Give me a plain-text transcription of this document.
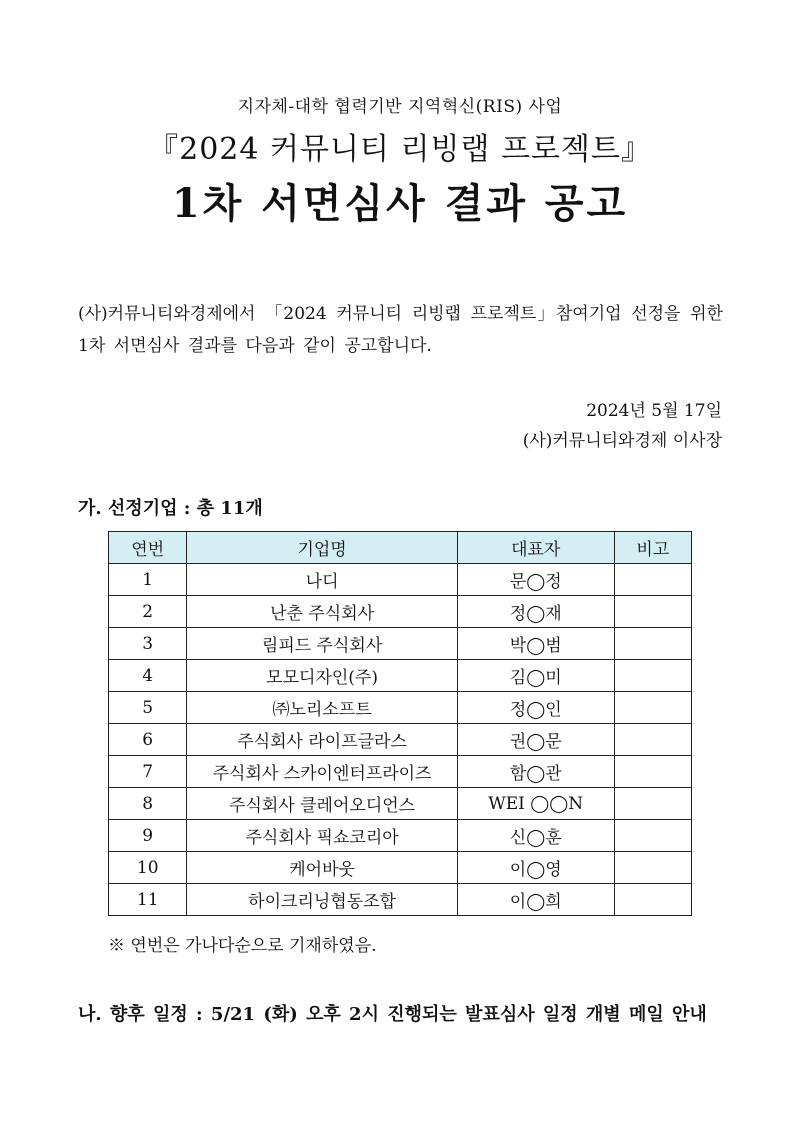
지자체-대학 협력기반 지역혁신(RIS) 사업
『2024 커뮤니티 리빙랩 프로젝트』
1차 서면심사 결과 공고
(사)커뮤니티와경제에서 「2024 커뮤니티 리빙랩 프로젝트」참여기업 선정을 위한 1차 서면심사 결과를 다음과 같이 공고합니다.
2024년 5월 17일
(사)커뮤니티와경제 이사장
가. 선정기업 : 총 11개
연번	기업명	대표자	비고
1	나디	문◯정	
2	난춘 주식회사	정◯재	
3	림피드 주식회사	박◯범	
4	모모디자인(주)	김◯미	
5	㈜노리소프트	정◯인	
6	주식회사 라이프글라스	권◯문	
7	주식회사 스카이엔터프라이즈	함◯관	
8	주식회사 클레어오디언스	WEI ◯◯N	
9	주식회사 픽쇼코리아	신◯훈	
10	케어바웃	이◯영	
11	하이크리닝협동조합	이◯희	
※ 연번은 가나다순으로 기재하였음.
나. 향후 일정 : 5/21 (화) 오후 2시 진행되는 발표심사 일정 개별 메일 안내
